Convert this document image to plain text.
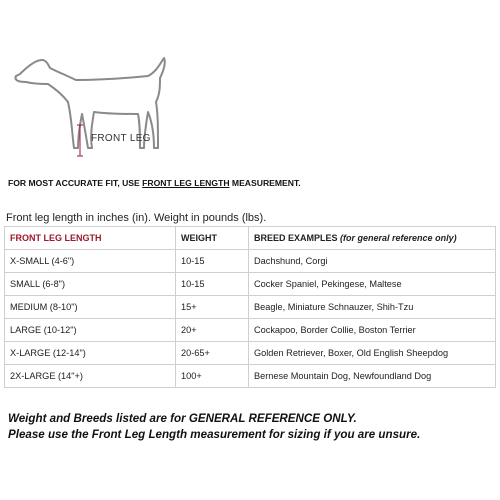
FRONT LEG
FOR MOST ACCURATE FIT, USE FRONT LEG LENGTH MEASUREMENT.
Front leg length in inches (in). Weight in pounds (lbs).
FRONT LEG LENGTH	WEIGHT	BREED EXAMPLES (for general reference only)
X-SMALL (4-6")	10-15	Dachshund, Corgi
SMALL (6-8")	10-15	Cocker Spaniel, Pekingese, Maltese
MEDIUM (8-10")	15+	Beagle, Miniature Schnauzer, Shih-Tzu
LARGE (10-12")	20+	Cockapoo, Border Collie, Boston Terrier
X-LARGE (12-14")	20-65+	Golden Retriever, Boxer, Old English Sheepdog
2X-LARGE (14"+)	100+	Bernese Mountain Dog, Newfoundland Dog
Weight and Breeds listed are for GENERAL REFERENCE ONLY.
Please use the Front Leg Length measurement for sizing if you are unsure.
